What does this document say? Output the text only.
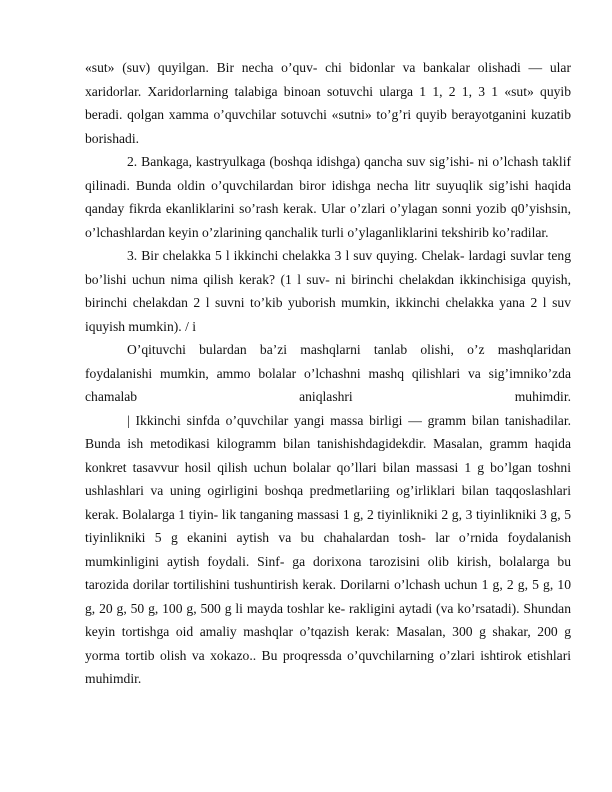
«sut» (suv) quyilgan. Bir necha o’quv- chi bidonlar va bankalar olishadi — ular xaridorlar. Xaridorlarning talabiga binoan sotuvchi ularga 1 1, 2 1, 3 1 «sut» quyib beradi. qolgan xamma o’quvchilar sotuvchi «sutni» to’g’ri quyib berayotganini kuzatib borishadi.

2. Bankaga, kastryulkaga (boshqa idishga) qancha suv sig’ishi- ni o’lchash taklif qilinadi. Bunda oldin o’quvchilardan biror idishga necha litr suyuqlik sig’ishi haqida qanday fikrda ekanliklarini so’rash kerak. Ular o’zlari o’ylagan sonni yozib q0’yishsin, o’lchashlardan keyin o’zlarining qanchalik turli o’ylaganliklarini tekshirib ko’radilar.

3. Bir chelakka 5 l ikkinchi chelakka 3 l suv quying. Chelak- lardagi suvlar teng bo’lishi uchun nima qilish kerak? (1 l suv- ni birinchi chelakdan ikkinchisiga quyish, birinchi chelakdan 2 l suvni to’kib yuborish mumkin, ikkinchi chelakka yana 2 l suv iquyish mumkin). / i

O’qituvchi bulardan ba’zi mashqlarni tanlab olishi, o’z mashqlaridan foydalanishi mumkin, ammo bolalar o’lchashni mashq qilishlari va sig’imniko’zda chamalab aniqlashri muhimdir.

| Ikkinchi sinfda o’quvchilar yangi massa birligi — gramm bilan tanishadilar. Bunda ish metodikasi kilogramm bilan tanishishdagidekdir. Masalan, gramm haqida konkret tasavvur hosil qilish uchun bolalar qo’llari bilan massasi 1 g bo’lgan toshni ushlashlari va uning ogirligini boshqa predmetlariing og’irliklari bilan taqqoslashlari kerak. Bolalarga 1 tiyin- lik tanganing massasi 1 g, 2 tiyinlikniki 2 g, 3 tiyinlikniki 3 g, 5 tiyinlikniki 5 g ekanini aytish va bu chahalardan tosh- lar o’rnida foydalanish mumkinligini aytish foydali. Sinf- ga dorixona tarozisini olib kirish, bolalarga bu tarozida dorilar tortilishini tushuntirish kerak. Dorilarni o’lchash uchun 1 g, 2 g, 5 g, 10 g, 20 g, 50 g, 100 g, 500 g li mayda toshlar ke- rakligini aytadi (va ko’rsatadi). Shundan keyin tortishga oid amaliy mashqlar o’tqazish kerak: Masalan, 300 g shakar, 200 g yorma tortib olish va xokazo.. Bu proqressda o’quvchilarning o’zlari ishtirok etishlari muhimdir.
